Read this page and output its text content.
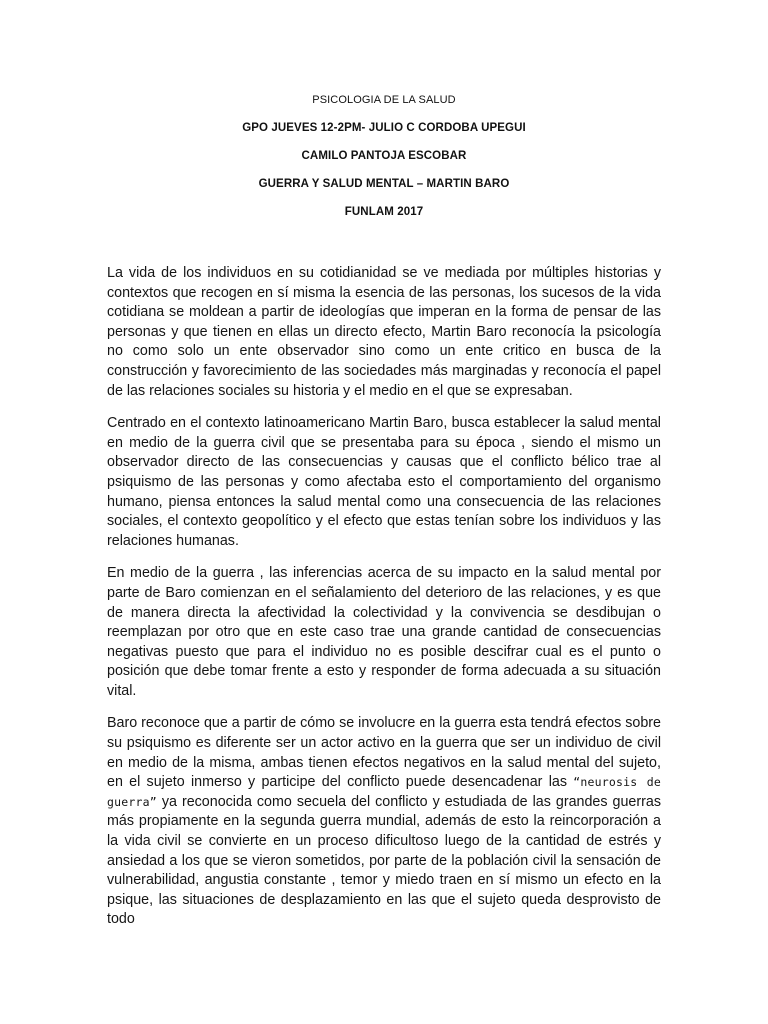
PSICOLOGIA DE LA SALUD
GPO JUEVES 12-2PM- JULIO C CORDOBA UPEGUI
CAMILO PANTOJA ESCOBAR
GUERRA Y SALUD MENTAL – MARTIN BARO
FUNLAM 2017

La vida de los individuos en su cotidianidad se ve mediada por múltiples historias y contextos que recogen en sí misma la esencia de las personas, los sucesos de la vida cotidiana se moldean a partir de ideologías que imperan en la forma de pensar de las personas y que tienen en ellas un directo efecto, Martin Baro reconocía la psicología no como solo un ente observador sino como un ente critico en busca de la construcción y favorecimiento de las sociedades más marginadas y reconocía el papel de las relaciones sociales su historia y el medio en el que se expresaban.

Centrado en el contexto latinoamericano Martin Baro, busca establecer la salud mental en medio de la guerra civil que se presentaba para su época , siendo el mismo un observador directo de las consecuencias y causas que el conflicto bélico trae al psiquismo de las personas y como afectaba esto el comportamiento del organismo humano, piensa entonces la salud mental como una consecuencia de las relaciones sociales, el contexto geopolítico y el efecto que estas tenían sobre los individuos y las relaciones humanas.

En medio de la guerra , las inferencias acerca de su impacto en la salud mental por parte de Baro comienzan en el señalamiento del deterioro de las relaciones, y es que de manera directa la afectividad la colectividad y la convivencia se desdibujan o reemplazan por otro que en este caso trae una grande cantidad de consecuencias negativas puesto que para el individuo no es posible descifrar cual es el punto o posición que debe tomar frente a esto y responder de forma adecuada a su situación vital.

Baro reconoce que a partir de cómo se involucre en la guerra esta tendrá efectos sobre su psiquismo es diferente ser un actor activo en la guerra que ser un individuo de civil en medio de la misma, ambas tienen efectos negativos en la salud mental del sujeto, en el sujeto inmerso y participe del conflicto puede desencadenar las “neurosis de guerra” ya reconocida como secuela del conflicto y estudiada de las grandes guerras más propiamente en la segunda guerra mundial, además de esto la reincorporación a la vida civil se convierte en un proceso dificultoso luego de la cantidad de estrés y ansiedad a los que se vieron sometidos, por parte de la población civil la sensación de vulnerabilidad, angustia constante , temor y miedo traen en sí mismo un efecto en la psique, las situaciones de desplazamiento en las que el sujeto queda desprovisto de todo
